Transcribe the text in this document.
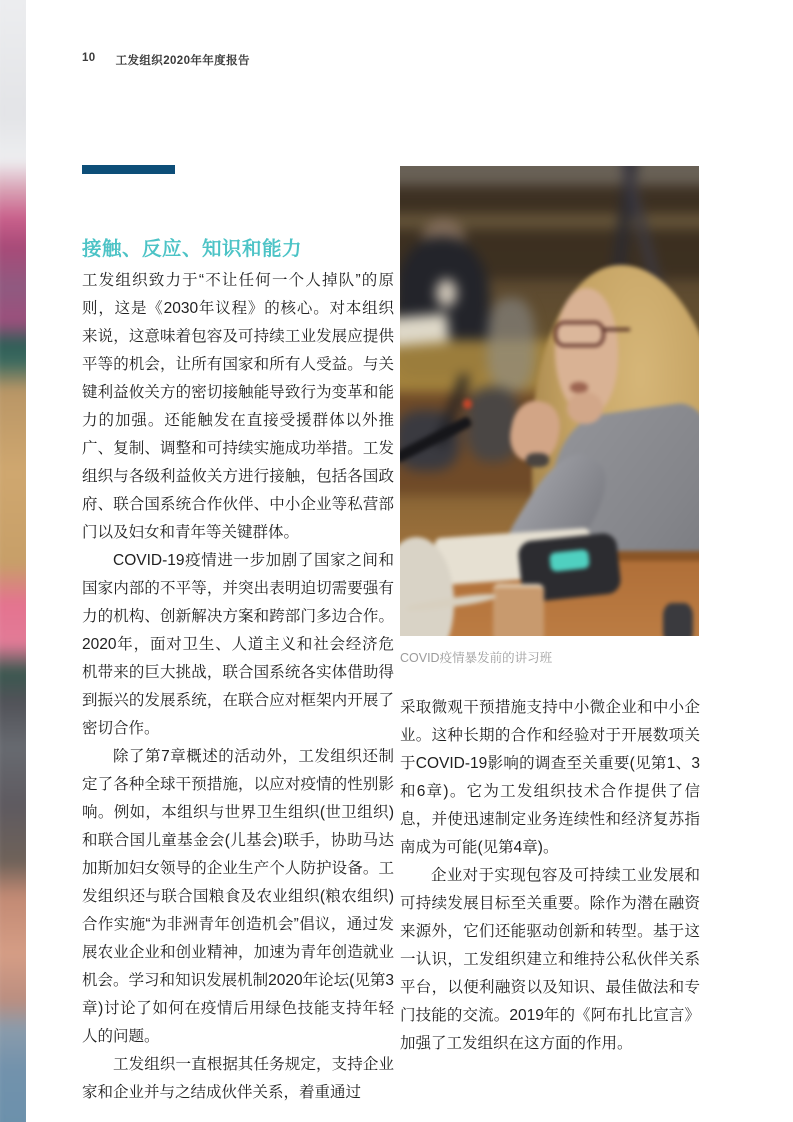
10 工发组织2020年年度报告
接触、反应、知识和能力

工发组织致力于“不让任何一个人掉队”的原则，这是《2030年议程》的核心。对本组织来说，这意味着包容及可持续工业发展应提供平等的机会，让所有国家和所有人受益。与关键利益攸关方的密切接触能导致行为变革和能力的加强。还能触发在直接受援群体以外推广、复制、调整和可持续实施成功举措。工发组织与各级利益攸关方进行接触，包括各国政府、联合国系统合作伙伴、中小企业等私营部门以及妇女和青年等关键群体。

COVID-19疫情进一步加剧了国家之间和国家内部的不平等，并突出表明迫切需要强有力的机构、创新解决方案和跨部门多边合作。2020年，面对卫生、人道主义和社会经济危机带来的巨大挑战，联合国系统各实体借助得到振兴的发展系统，在联合应对框架内开展了密切合作。

除了第7章概述的活动外，工发组织还制定了各种全球干预措施，以应对疫情的性别影响。例如，本组织与世界卫生组织(世卫组织)和联合国儿童基金会(儿基会)联手，协助马达加斯加妇女领导的企业生产个人防护设备。工发组织还与联合国粮食及农业组织(粮农组织)合作实施“为非洲青年创造机会”倡议，通过发展农业企业和创业精神，加速为青年创造就业机会。学习和知识发展机制2020年论坛(见第3章)讨论了如何在疫情后用绿色技能支持年轻人的问题。

工发组织一直根据其任务规定，支持企业家和企业并与之结成伙伴关系，着重通过

COVID疫情暴发前的讲习班

采取微观干预措施支持中小微企业和中小企业。这种长期的合作和经验对于开展数项关于COVID-19影响的调查至关重要(见第1、3和6章)。它为工发组织技术合作提供了信息，并使迅速制定业务连续性和经济复苏指南成为可能(见第4章)。

企业对于实现包容及可持续工业发展和可持续发展目标至关重要。除作为潜在融资来源外，它们还能驱动创新和转型。基于这一认识，工发组织建立和维持公私伙伴关系平台，以便利融资以及知识、最佳做法和专门技能的交流。2019年的《阿布扎比宣言》加强了工发组织在这方面的作用。
